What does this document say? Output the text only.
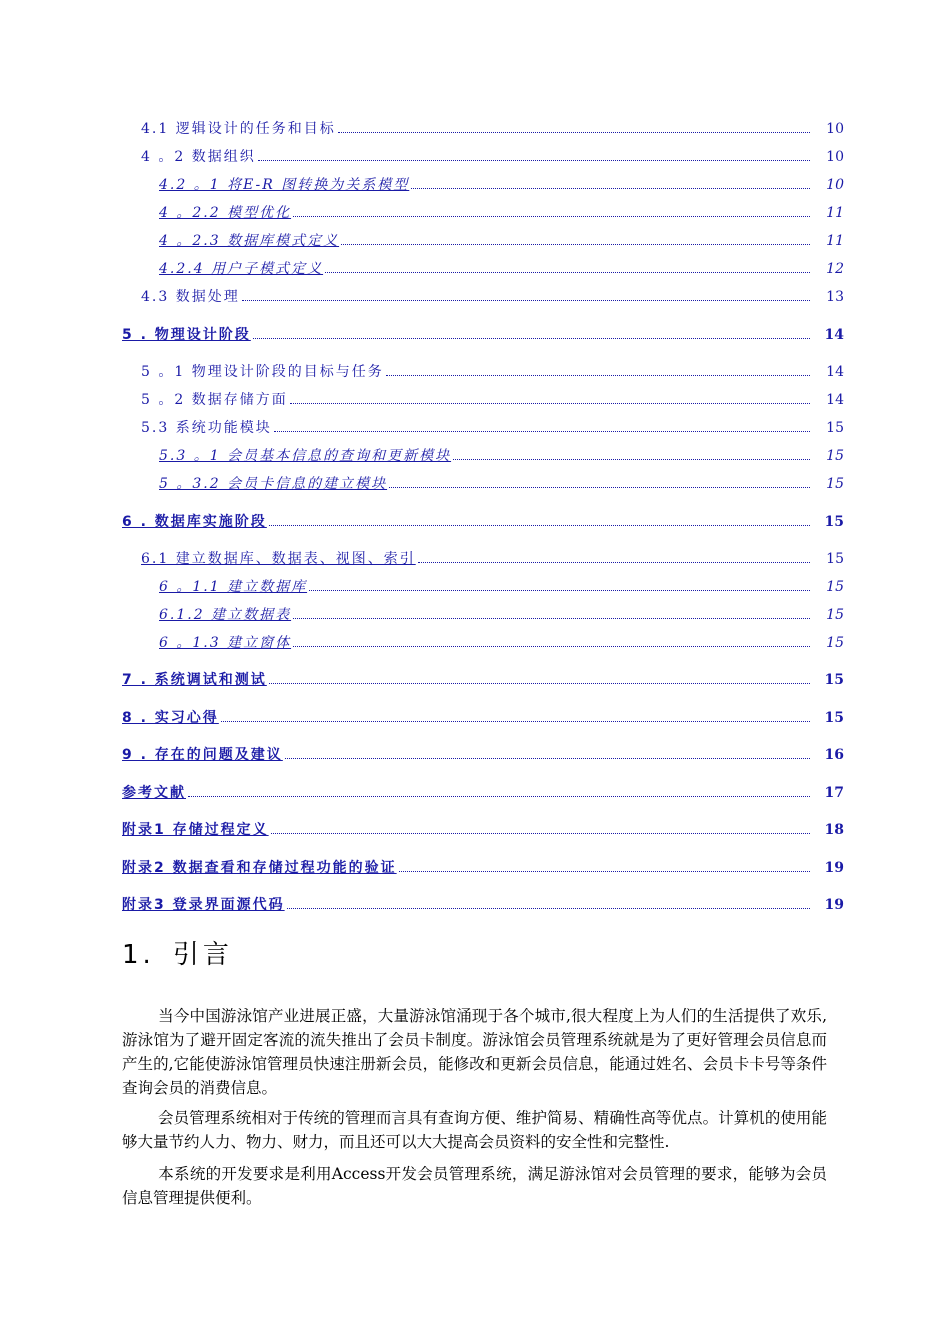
4.1 逻辑设计的任务和目标	10
4 。2 数据组织	10
4.2 。1 将E-R 图转换为关系模型	10
4 。2.2 模型优化	11
4 。2.3 数据库模式定义	11
4.2.4 用户子模式定义	12
4.3 数据处理	13
5 . 物理设计阶段	14
5 。1 物理设计阶段的目标与任务	14
5 。2 数据存储方面	14
5.3 系统功能模块	15
5.3 。1 会员基本信息的查询和更新模块	15
5 。3.2 会员卡信息的建立模块	15
6 . 数据库实施阶段	15
6.1 建立数据库、数据表、视图、索引	15
6 。1.1 建立数据库	15
6.1.2 建立数据表	15
6 。1.3 建立窗体	15
7 . 系统调试和测试	15
8 . 实习心得	15
9 . 存在的问题及建议	16
参考文献	17
附录1 存储过程定义	18
附录2 数据查看和存储过程功能的验证	19
附录3 登录界面源代码	19
1. 引言
当今中国游泳馆产业进展正盛，大量游泳馆涌现于各个城市,很大程度上为人们的生活提供了欢乐,游泳馆为了避开固定客流的流失推出了会员卡制度。游泳馆会员管理系统就是为了更好管理会员信息而产生的,它能使游泳馆管理员快速注册新会员，能修改和更新会员信息，能通过姓名、会员卡卡号等条件查询会员的消费信息。
会员管理系统相对于传统的管理而言具有查询方便、维护简易、精确性高等优点。计算机的使用能够大量节约人力、物力、财力，而且还可以大大提高会员资料的安全性和完整性.
本系统的开发要求是利用Access开发会员管理系统，满足游泳馆对会员管理的要求，能够为会员信息管理提供便利。
